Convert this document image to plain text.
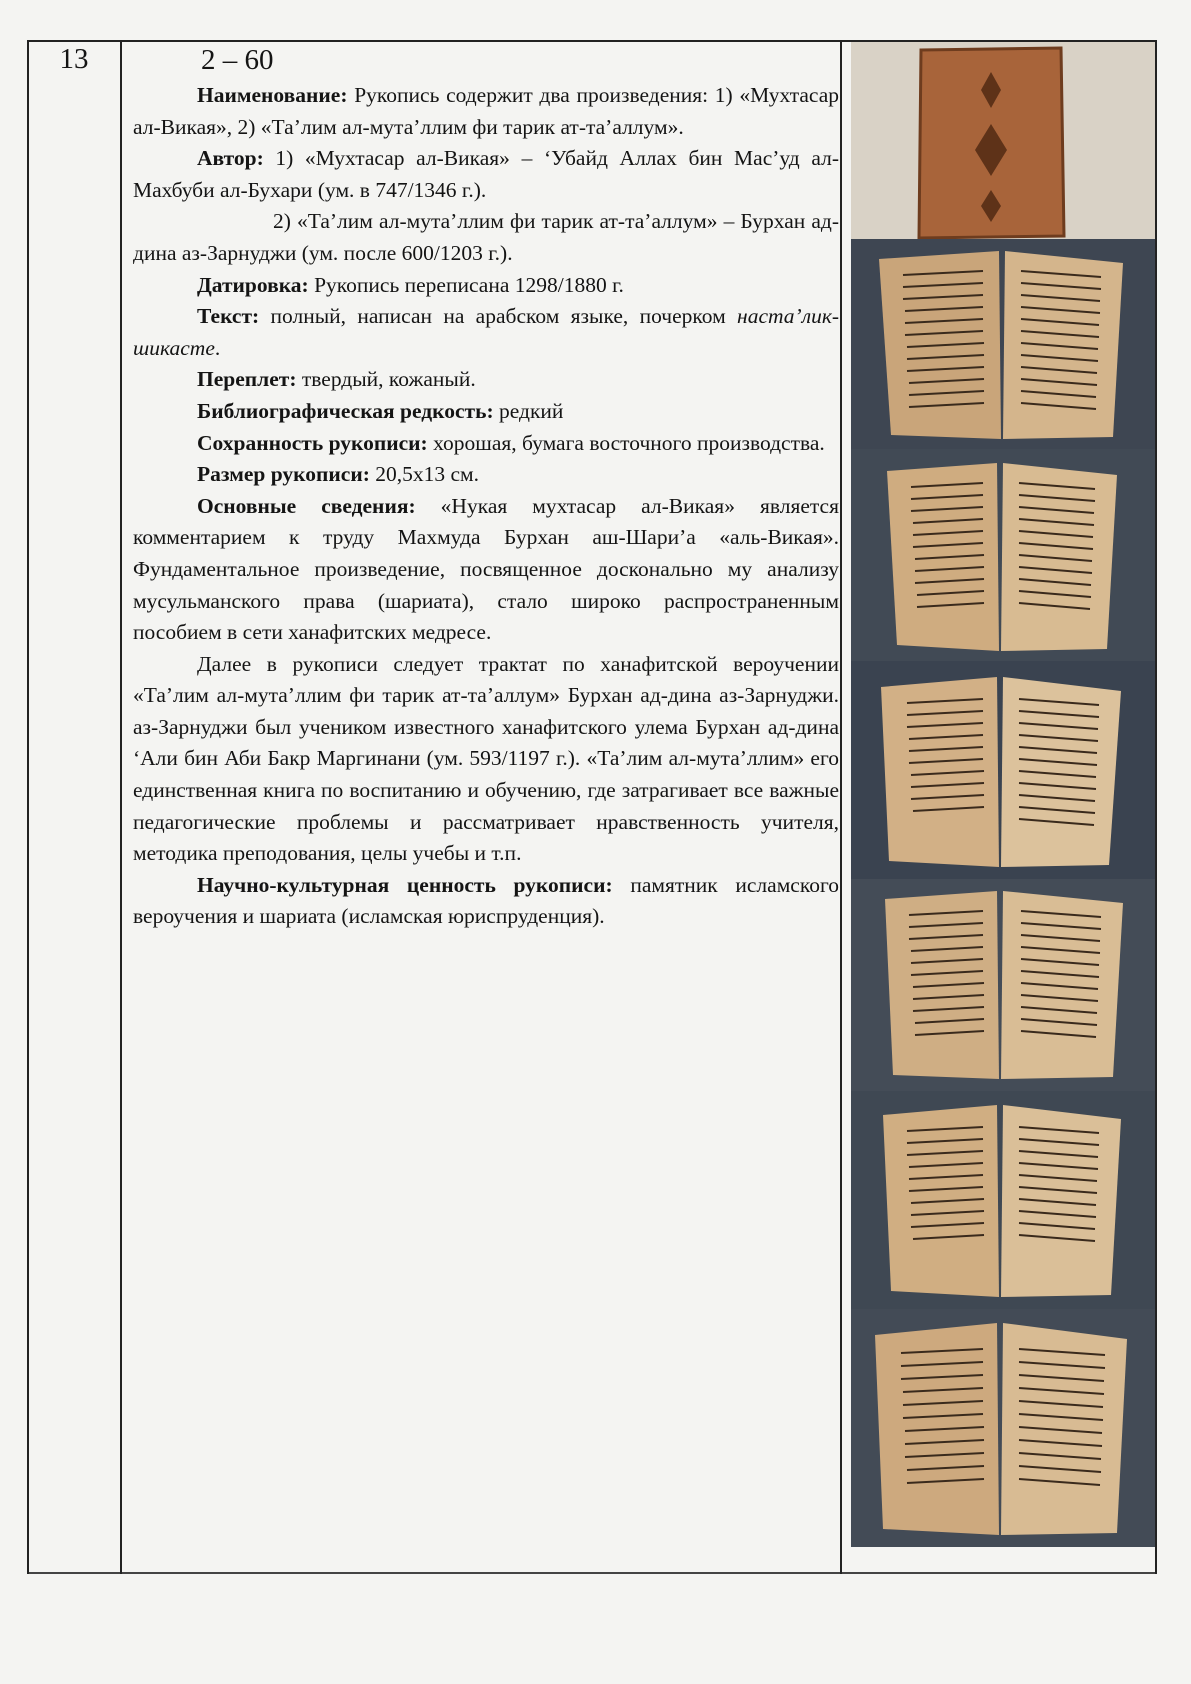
13	2 – 60

Наименование: Рукопись содержит два произведения: 1) «Мухтасар ал-Викая», 2) «Та’лим ал-мута’ллим фи тарик ат-та’аллум».

Автор: 1) «Мухтасар ал-Викая» – ‘Убайд Аллах бин Мас’уд ал-Махбуби ал-Бухари (ум. в 747/1346 г.).

2) «Та’лим ал-мута’ллим фи тарик ат-та’аллум» – Бурхан ад-дина аз-Зарнуджи (ум. после 600/1203 г.).

Датировка: Рукопись переписана 1298/1880 г.

Текст: полный, написан на арабском языке, почерком наста’лик-шикасте.

Переплет: твердый, кожаный.

Библиографическая редкость: редкий

Сохранность рукописи: хорошая, бумага восточного производства.

Размер рукописи: 20,5х13 см.

Основные сведения: «Нукая мухтасар ал-Викая» является комментарием к труду Махмуда Бурхан аш-Шари’а «аль-Викая». Фундаментальное произведение, посвященное досконально му анализу мусульманского права (шариата), стало широко распространенным пособием в сети ханафитских медресе.

Далее в рукописи следует трактат по ханафитской вероучении «Та’лим ал-мута’ллим фи тарик ат-та’аллум» Бурхан ад-дина аз-Зарнуджи. аз-Зарнуджи был учеником известного ханафитского улема Бурхан ад-дина ‘Али бин Аби Бакр Маргинани (ум. 593/1197 г.). «Та’лим ал-мута’ллим» его единственная книга по воспитанию и обучению, где затрагивает все важные педагогические проблемы и рассматривает нравственность учителя, методика преподования, целы учебы и т.п.

Научно-культурная ценность рукописи: памятник исламского вероучения и шариата (исламская юриспруденция).
